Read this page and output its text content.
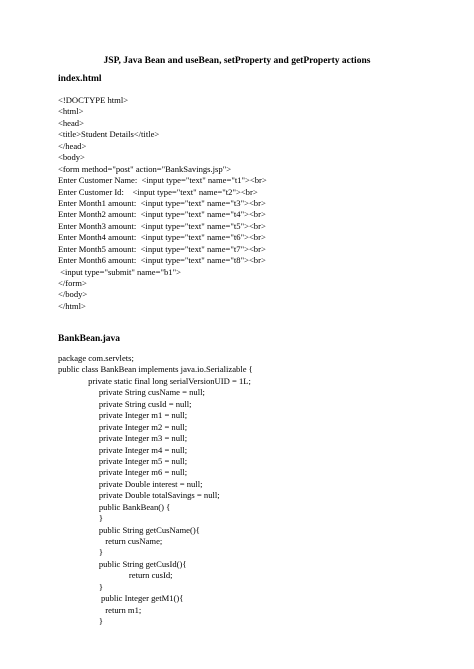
JSP, Java Bean and useBean, setProperty and getProperty actions
index.html
<!DOCTYPE html>
<html>
<head>
<title>Student Details</title>
</head>
<body>
<form method="post" action="BankSavings.jsp">
Enter Customer Name:  <input type="text" name="t1"><br>
Enter Customer Id:    <input type="text" name="t2"><br>
Enter Month1 amount:  <input type="text" name="t3"><br>
Enter Month2 amount:  <input type="text" name="t4"><br>
Enter Month3 amount:  <input type="text" name="t5"><br>
Enter Month4 amount:  <input type="text" name="t6"><br>
Enter Month5 amount:  <input type="text" name="t7"><br>
Enter Month6 amount:  <input type="text" name="t8"><br>
<input type="submit" name="b1">
</form>
</body>
</html>
BankBean.java
package com.servlets;
public class BankBean implements java.io.Serializable {
private static final long serialVersionUID = 1L;
private String cusName = null;
private String cusId = null;
private Integer m1 = null;
private Integer m2 = null;
private Integer m3 = null;
private Integer m4 = null;
private Integer m5 = null;
private Integer m6 = null;
private Double interest = null;
private Double totalSavings = null;
public BankBean() {
}
public String getCusName(){
return cusName;
}
public String getCusId(){
return cusId;
}
public Integer getM1(){
return m1;
}
